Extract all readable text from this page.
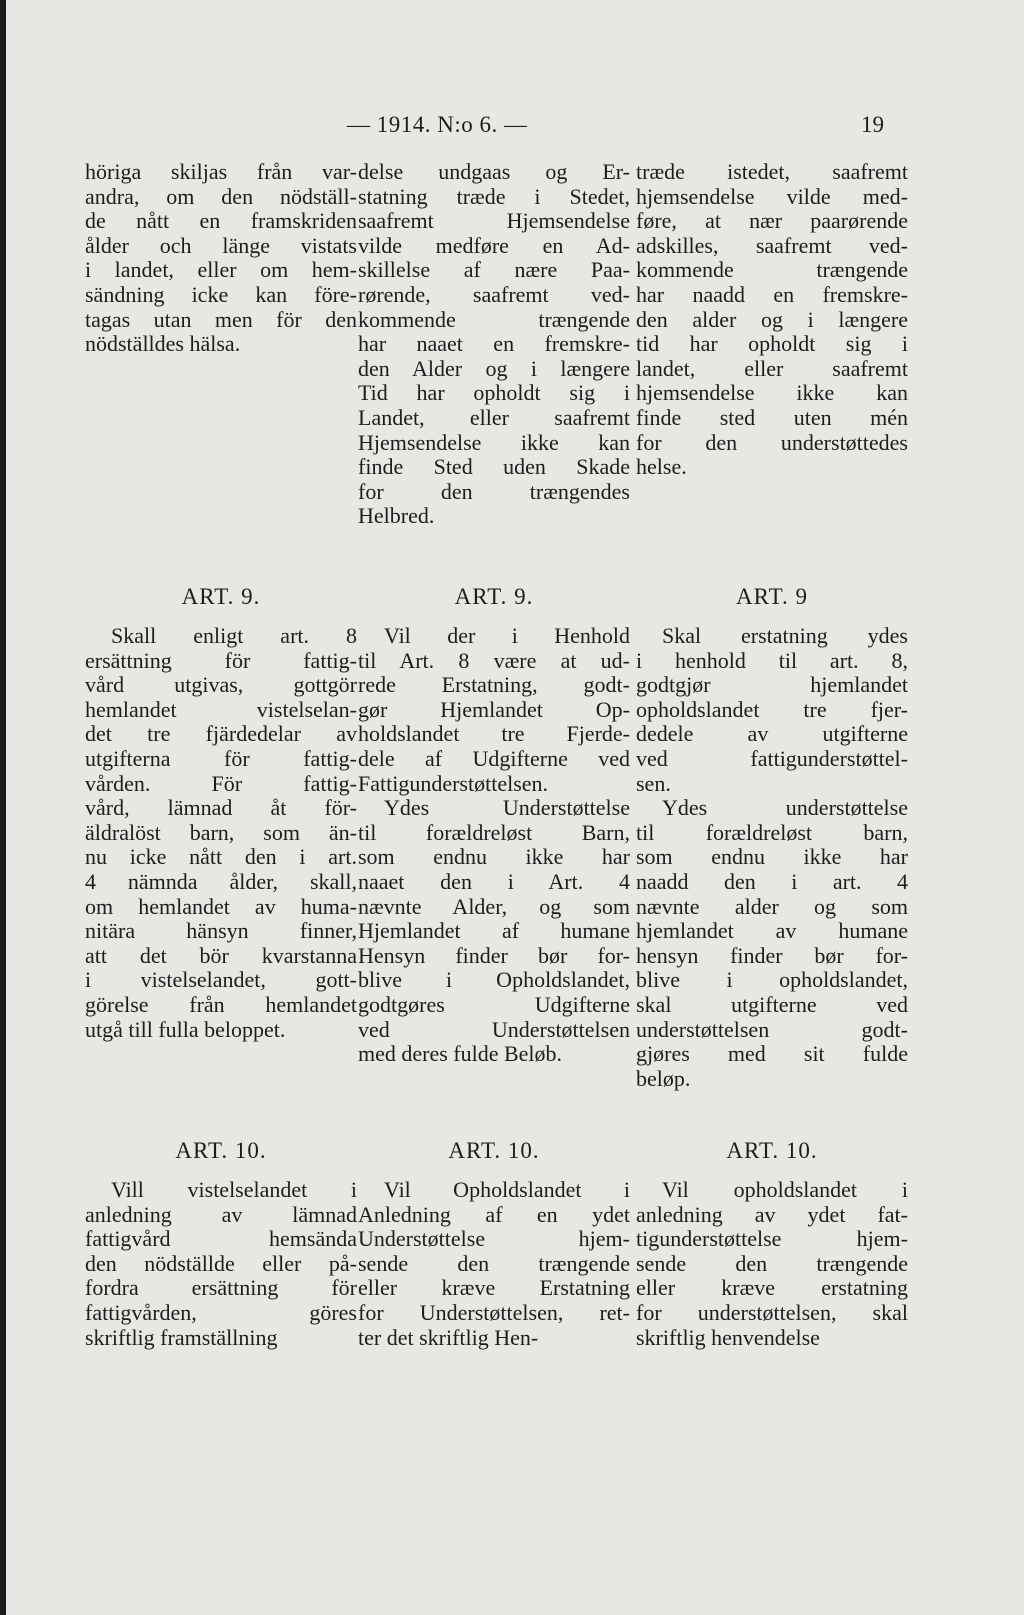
— 1914. N:o 6. —	19
höriga skiljas från var-
andra, om den nödställ-
de nått en framskriden
ålder och länge vistats
i landet, eller om hem-
sändning icke kan före-
tagas utan men för den
nödställdes hälsa.
delse undgaas og Er-
statning træde i Stedet,
saafremt Hjemsendelse
vilde medføre en Ad-
skillelse af nære Paa-
rørende, saafremt ved-
kommende trængende
har naaet en fremskre-
den Alder og i længere
Tid har opholdt sig i
Landet, eller saafremt
Hjemsendelse ikke kan
finde Sted uden Skade
for den trængendes
Helbred.
træde istedet, saafremt
hjemsendelse vilde med-
føre, at nær paarørende
adskilles, saafremt ved-
kommende trængende
har naadd en fremskre-
den alder og i længere
tid har opholdt sig i
landet, eller saafremt
hjemsendelse ikke kan
finde sted uten mén
for den understøttedes
helse.
ART. 9.	ART. 9.	ART. 9
Skall enligt art. 8
ersättning för fattig-
vård utgivas, gottgör
hemlandet vistelselan-
det tre fjärdedelar av
utgifterna för fattig-
vården. För fattig-
vård, lämnad åt för-
äldralöst barn, som än-
nu icke nått den i art.
4 nämnda ålder, skall,
om hemlandet av huma-
nitära hänsyn finner,
att det bör kvarstanna
i vistelselandet, gott-
görelse från hemlandet
utgå till fulla beloppet.
Vil der i Henhold
til Art. 8 være at ud-
rede Erstatning, godt-
gør Hjemlandet Op-
holdslandet tre Fjerde-
dele af Udgifterne ved
Fattigunderstøttelsen.
Ydes Understøttelse
til forældreløst Barn,
som endnu ikke har
naaet den i Art. 4
nævnte Alder, og som
Hjemlandet af humane
Hensyn finder bør for-
blive i Opholdslandet,
godtgøres Udgifterne
ved Understøttelsen
med deres fulde Beløb.
Skal erstatning ydes
i henhold til art. 8,
godtgjør hjemlandet
opholdslandet tre fjer-
dedele av utgifterne
ved fattigunderstøttel-
sen.
Ydes understøttelse
til forældreløst barn,
som endnu ikke har
naadd den i art. 4
nævnte alder og som
hjemlandet av humane
hensyn finder bør for-
blive i opholdslandet,
skal utgifterne ved
understøttelsen godt-
gjøres med sit fulde
beløp.
ART. 10.	ART. 10.	ART. 10.
Vill vistelselandet i
anledning av lämnad
fattigvård hemsända
den nödställde eller på-
fordra ersättning för
fattigvården, göres
skriftlig framställning
Vil Opholdslandet i
Anledning af en ydet
Understøttelse hjem-
sende den trængende
eller kræve Erstatning
for Understøttelsen, ret-
ter det skriftlig Hen-
Vil opholdslandet i
anledning av ydet fat-
tigunderstøttelse hjem-
sende den trængende
eller kræve erstatning
for understøttelsen, skal
skriftlig henvendelse
